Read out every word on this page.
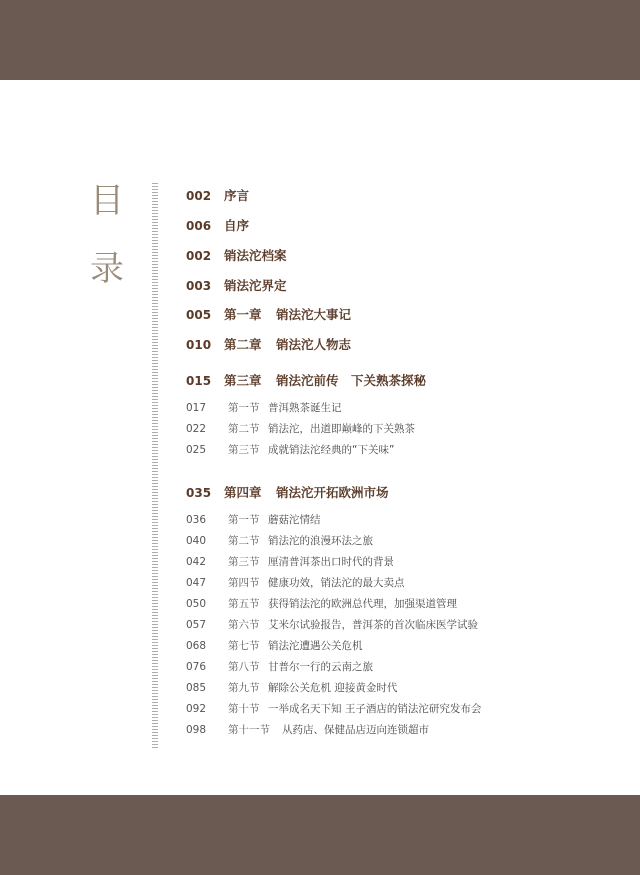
目
录
002 序言
006 自序
002 销法沱档案
003 销法沱界定
005 第一章 销法沱大事记
010 第二章 销法沱人物志
015 第三章 销法沱前传　下关熟茶探秘
017 第一节 普洱熟茶诞生记
022 第二节 销法沱，出道即巅峰的下关熟茶
025 第三节 成就销法沱经典的“下关味”
035 第四章 销法沱开拓欧洲市场
036 第一节 蘑菇沱情结
040 第二节 销法沱的浪漫环法之旅
042 第三节 厘清普洱茶出口时代的背景
047 第四节 健康功效，销法沱的最大卖点
050 第五节 获得销法沱的欧洲总代理，加强渠道管理
057 第六节 艾米尔试验报告，普洱茶的首次临床医学试验
068 第七节 销法沱遭遇公关危机
076 第八节 甘普尔一行的云南之旅
085 第九节 解除公关危机 迎接黄金时代
092 第十节 一举成名天下知 王子酒店的销法沱研究发布会
098 第十一节 从药店、保健品店迈向连锁超市
